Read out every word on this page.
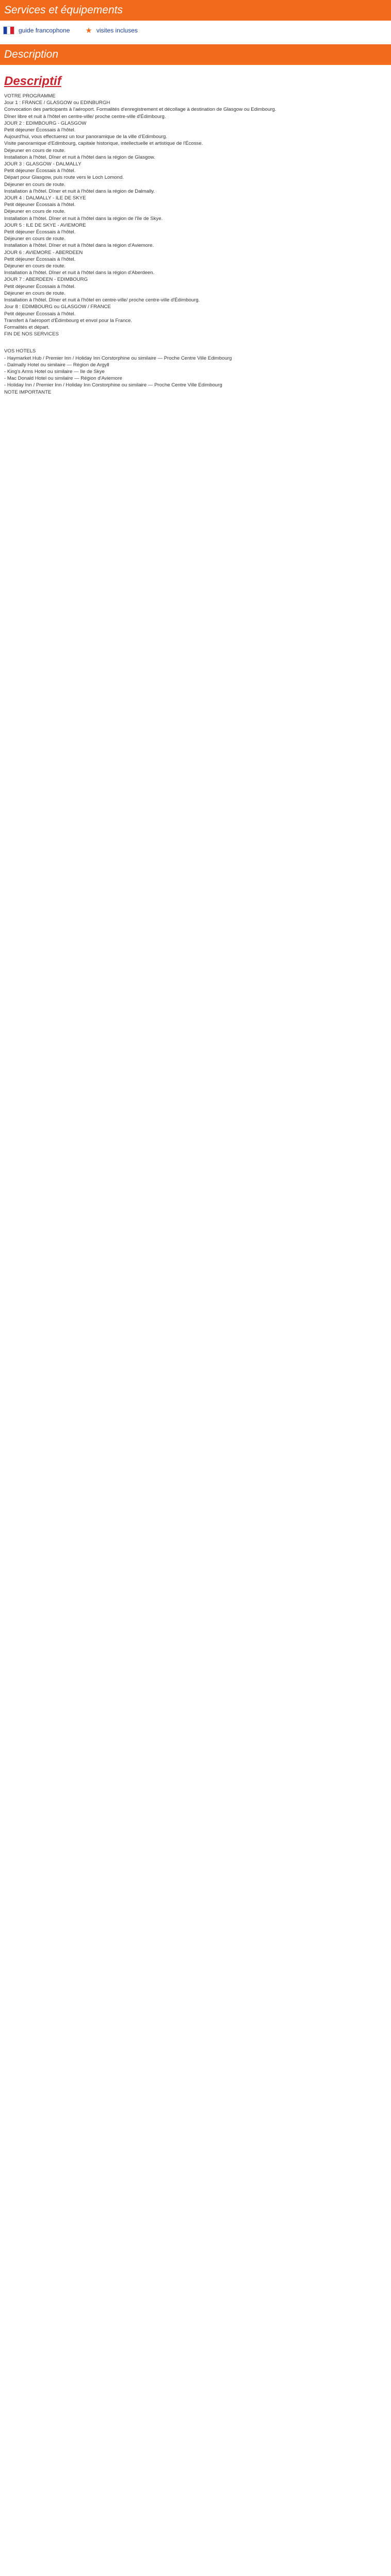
Services et équipements
guide francophone ★ visites incluses
Description
Descriptif

VOTRE PROGRAMME

Jour 1 : FRANCE / GLASGOW ou EDINBURGH

Convocation des participants à l'aéroport. Formalités d'enregistrement et décollage à destination de Glasgow ou Edimbourg.

Dîner libre et nuit à l'hôtel en centre-ville/ proche centre-ville d'Édimbourg.

JOUR 2 : EDIMBOURG - GLASGOW

Petit déjeuner Écossais à l'hôtel.

Aujourd'hui, vous effectuerez un tour panoramique de la ville d'Edimbourg.

Visite panoramique d'Edimbourg, capitale historique, intellectuelle et artistique de l'Écosse.

Déjeuner en cours de route.

Installation à l'hôtel. Dîner et nuit à l'hôtel dans la région de Glasgow.

JOUR 3 : GLASGOW - DALMALLY

Petit déjeuner Écossais à l'hôtel.

Départ pour Glasgow, puis route vers le Loch Lomond.

Déjeuner en cours de route.

Installation à l'hôtel. Dîner et nuit à l'hôtel dans la région de Dalmally.

JOUR 4 : DALMALLY - ILE DE SKYE

Petit déjeuner Écossais à l'hôtel.

Déjeuner en cours de route.

Installation à l'hôtel. Dîner et nuit à l'hôtel dans la région de l'île de Skye.

JOUR 5 : ILE DE SKYE - AVIEMORE

Petit déjeuner Écossais à l'hôtel.

Déjeuner en cours de route.

Installation à l'hôtel. Dîner et nuit à l'hôtel dans la région d'Aviemore.

JOUR 6 : AVIEMORE - ABERDEEN

Petit déjeuner Écossais à l'hôtel.

Déjeuner en cours de route.

Installation à l'hôtel. Dîner et nuit à l'hôtel dans la région d'Aberdeen.

JOUR 7 : ABERDEEN - EDIMBOURG

Petit déjeuner Écossais à l'hôtel.

Déjeuner en cours de route.

Installation à l'hôtel. Dîner et nuit à l'hôtel en centre-ville/ proche centre-ville d'Édimbourg.

Jour 8 : EDIMBOURG ou GLASGOW / FRANCE

Petit déjeuner Écossais à l'hôtel.

Transfert à l'aéroport d'Édimbourg et envol pour la France.

Formalités et départ.

FIN DE NOS SERVICES

VOS HOTELS

- Haymarket Hub / Premier Inn / Holiday Inn Corstorphine ou similaire — Proche Centre Ville Edimbourg

- Dalmally Hotel ou similaire — Région de Argyll

- King's Arms Hotel ou similaire — Ile de Skye

- Mac Donald Hotel ou similaire — Région d'Aviemore

- Holiday Inn / Premier Inn / Holiday Inn Corstorphine ou similaire — Proche Centre Ville Edimbourg

NOTE IMPORTANTE
